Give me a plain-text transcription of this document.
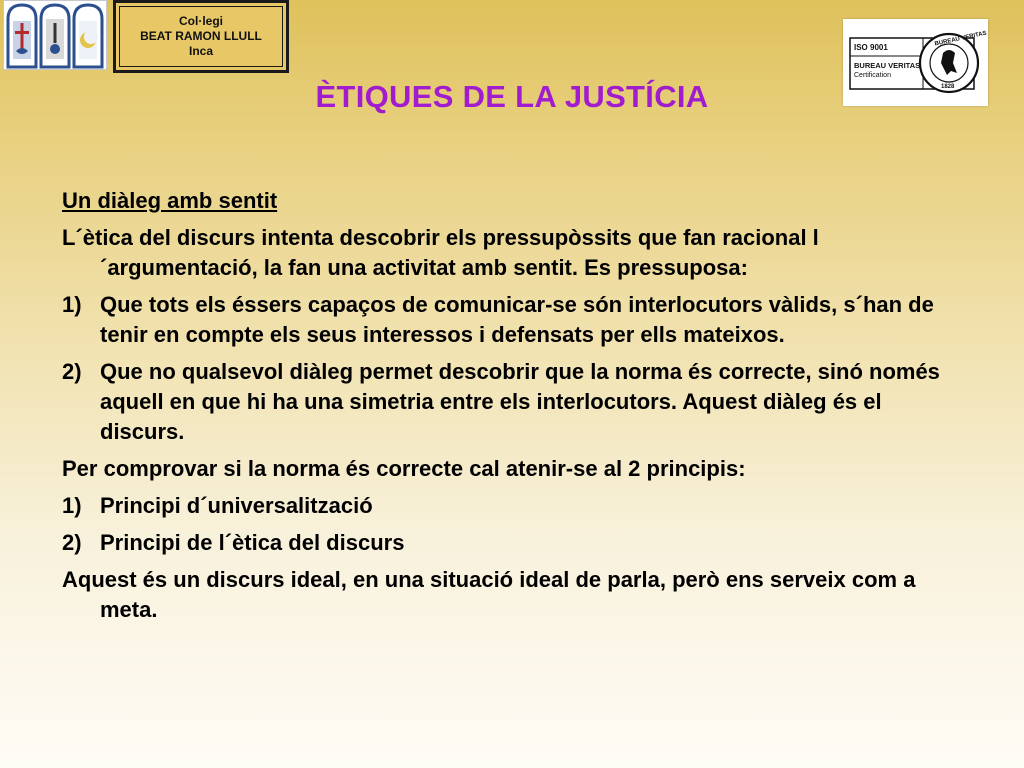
Col·legi
BEAT RAMON LLULL
Inca	ISO 9001
BUREAU VERITAS
Certification
BUREAU VERITAS
1828
ÈTIQUES DE LA JUSTÍCIA
Un diàleg amb sentit
L´ètica del discurs intenta descobrir els pressupòssits que fan racional l´argumentació, la fan una activitat amb sentit. Es pressuposa:
1) Que tots els éssers capaços de comunicar-se són interlocutors vàlids, s´han de tenir en compte els seus interessos i defensats per ells mateixos.
2) Que no qualsevol diàleg permet descobrir que la norma és correcte, sinó només aquell en que hi ha una simetria entre els interlocutors. Aquest diàleg és el discurs.
Per comprovar si la norma és correcte cal atenir-se al 2 principis:
1) Principi d´universalització
2) Principi de l´ètica del discurs
Aquest és un discurs ideal, en una situació ideal de parla, però ens serveix com a meta.
